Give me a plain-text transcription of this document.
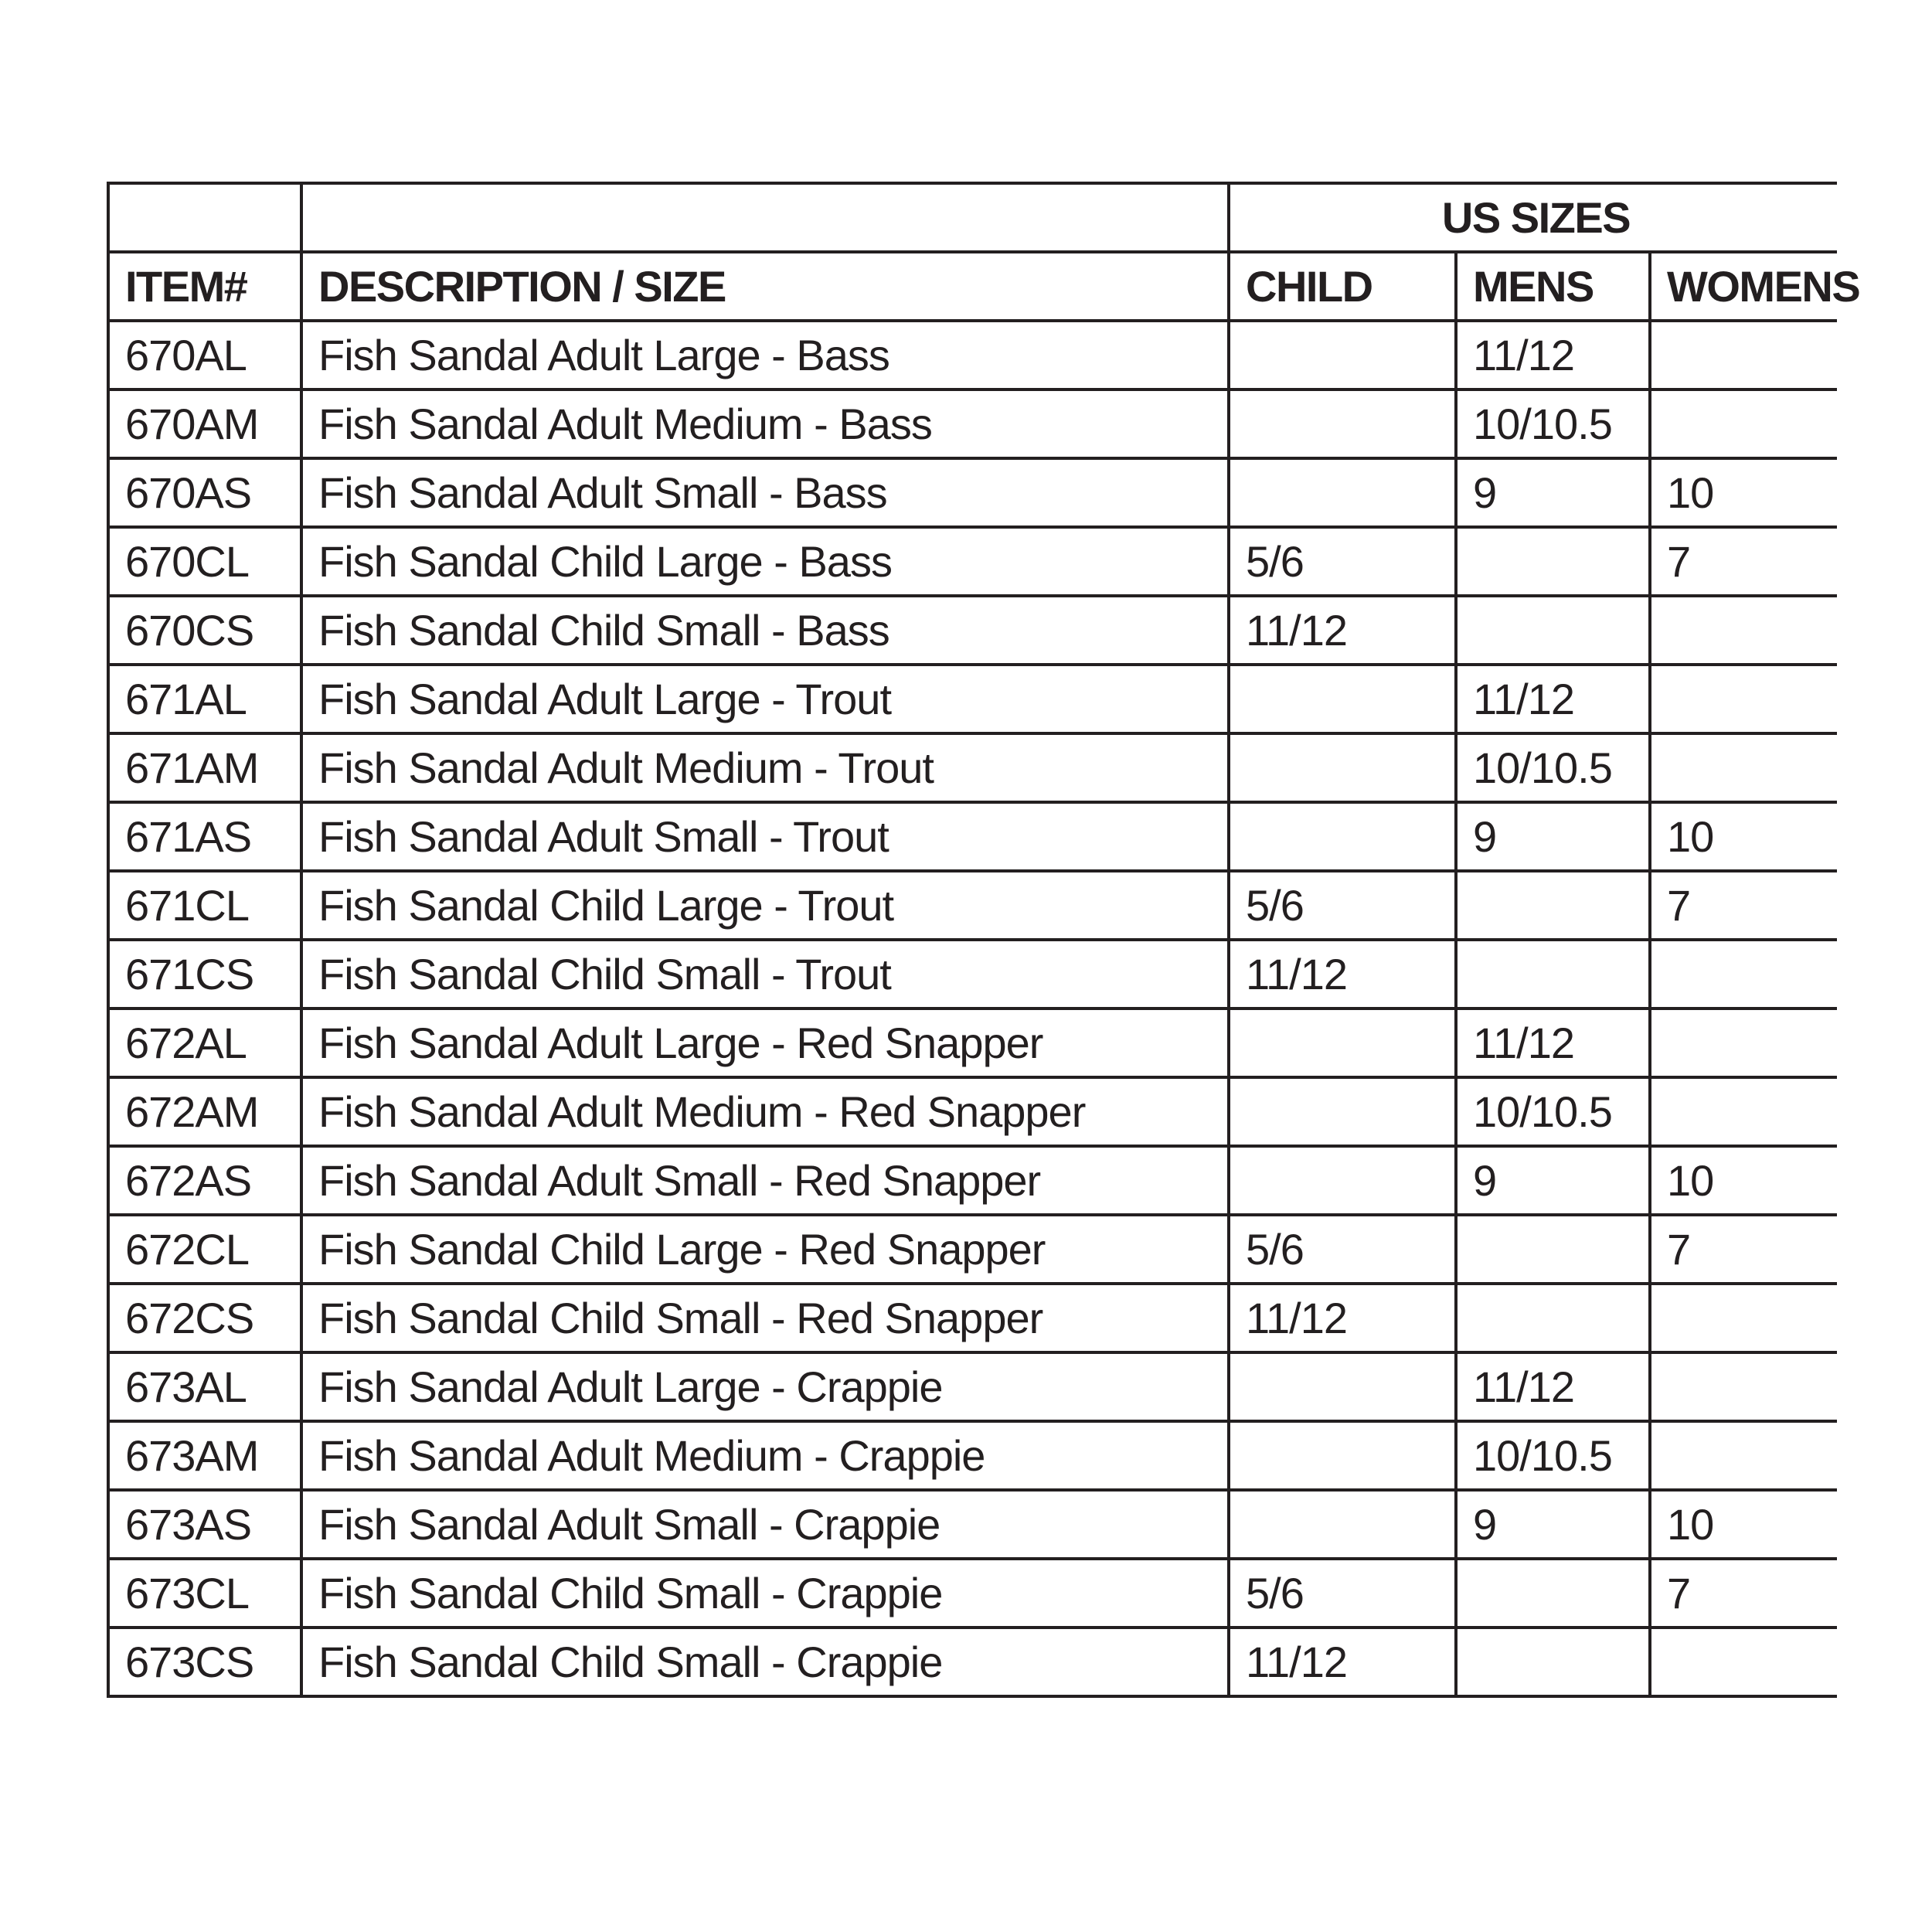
		US SIZES		
ITEM#	DESCRIPTION / SIZE	CHILD	MENS	WOMENS
670AL	Fish Sandal Adult Large - Bass		11/12	
670AM	Fish Sandal Adult Medium - Bass		10/10.5	
670AS	Fish Sandal Adult Small - Bass		9	10
670CL	Fish Sandal Child Large - Bass	5/6		7
670CS	Fish Sandal Child Small - Bass	11/12		
671AL	Fish Sandal Adult Large - Trout		11/12	
671AM	Fish Sandal Adult Medium - Trout		10/10.5	
671AS	Fish Sandal Adult Small - Trout		9	10
671CL	Fish Sandal Child Large - Trout	5/6		7
671CS	Fish Sandal Child Small - Trout	11/12		
672AL	Fish Sandal Adult Large - Red Snapper		11/12	
672AM	Fish Sandal Adult Medium - Red Snapper		10/10.5	
672AS	Fish Sandal Adult Small - Red Snapper		9	10
672CL	Fish Sandal Child Large - Red Snapper	5/6		7
672CS	Fish Sandal Child Small - Red Snapper	11/12		
673AL	Fish Sandal Adult Large - Crappie		11/12	
673AM	Fish Sandal Adult Medium - Crappie		10/10.5	
673AS	Fish Sandal Adult Small - Crappie		9	10
673CL	Fish Sandal Child Small - Crappie	5/6		7
673CS	Fish Sandal Child Small - Crappie	11/12		
